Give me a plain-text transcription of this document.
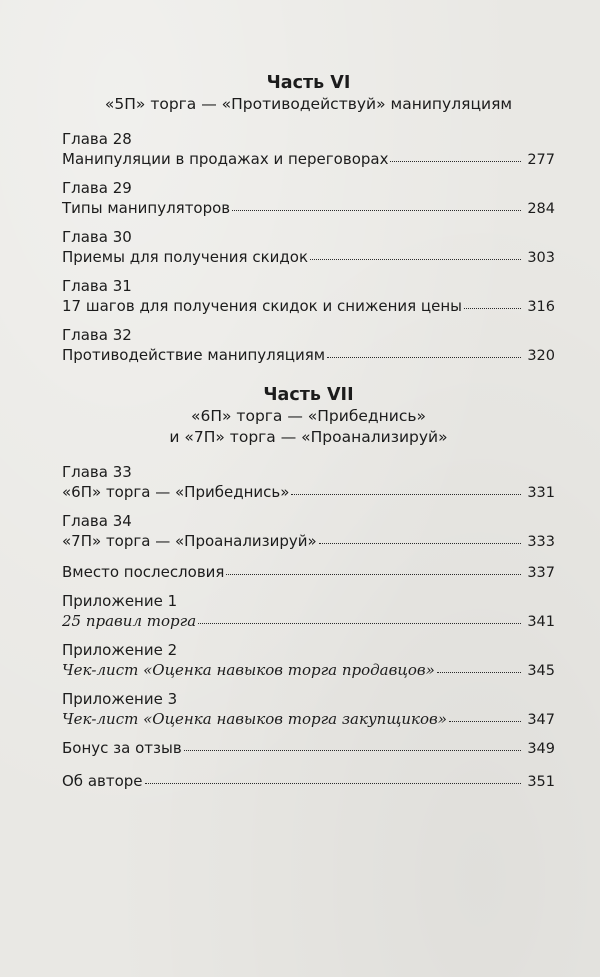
Часть VI

«5П» торга — «Противодействуй» манипуляциям

Глава 28

Манипуляции в продажах и переговорах	277

Глава 29

Типы манипуляторов	284

Глава 30

Приемы для получения скидок	303

Глава 31

17 шагов для получения скидок и снижения цены	316

Глава 32

Противодействие манипуляциям	320

Часть VII

«6П» торга — «Прибеднись»

и «7П» торга — «Проанализируй»

Глава 33

«6П» торга — «Прибеднись»	331

Глава 34

«7П» торга — «Проанализируй»	333
Вместо послесловия	337

Приложение 1

25 правил торга	341

Приложение 2

Чек-лист «Оценка навыков торга продавцов»	345

Приложение 3

Чек-лист «Оценка навыков торга закупщиков»	347
Бонус за отзыв	349
Об авторе	351
